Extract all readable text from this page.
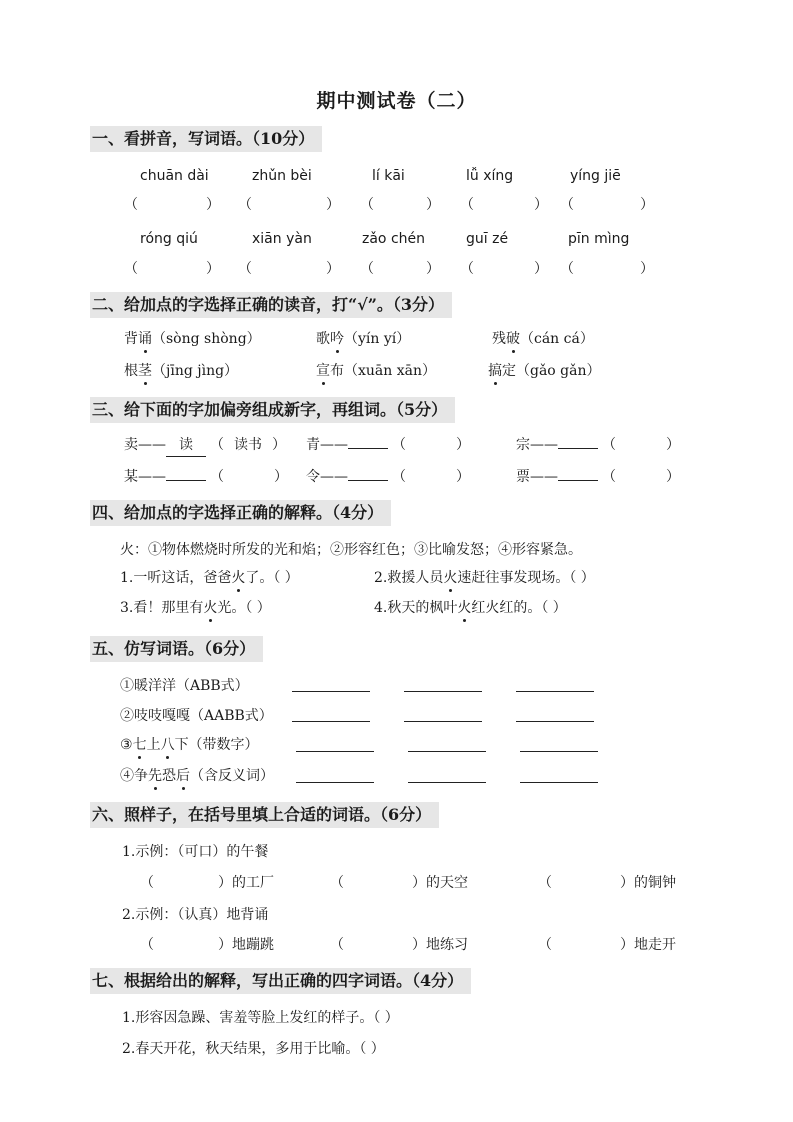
期中测试卷（二）
一、看拼音，写词语。（10分）
chuān dài	zhǔn bèi	lí kāi	lǚ xíng	yíng jiē
（	） （	） （	） （	） （	）
róng qiú	xiān yàn	zǎo chén	guī zé	pīn mìng
（	） （	） （	） （	） （	）
二、给加点的字选择正确的读音，打“√”。（3分）
背诵（sòng shòng）	歌吟（yín yí）	残破（cán cá）
根茎（jīng jìng）	宣布（xuān xān）	搞定（gǎo gǎn）
三、给下面的字加偏旁组成新字，再组词。（5分）
卖—— 读 （ 读书 ） 青——	（	）	宗——	（	）
某——	（	） 令——	（	）	票——	（	）
四、给加点的字选择正确的解释。（4分）
火：①物体燃烧时所发的光和焰；②形容红色；③比喻发怒；④形容紧急。
1.一听这话，爸爸火了。（ ）	2.救援人员火速赶往事发现场。（ ）
3.看！那里有火光。（ ）	4.秋天的枫叶火红火红的。（ ）
五、仿写词语。（6分）
①暖洋洋（ABB式）
②吱吱嘎嘎（AABB式）
③七上八下（带数字）
④争先恐后（含反义词）
六、照样子，在括号里填上合适的词语。（6分）
1.示例：（可口）的午餐
（	）的工厂	（	）的天空	（	）的铜钟
2.示例：（认真）地背诵
（	）地蹦跳	（	）地练习	（	）地走开
七、根据给出的解释，写出正确的四字词语。（4分）
1.形容因急躁、害羞等脸上发红的样子。（ ）
2.春天开花，秋天结果，多用于比喻。（ ）
